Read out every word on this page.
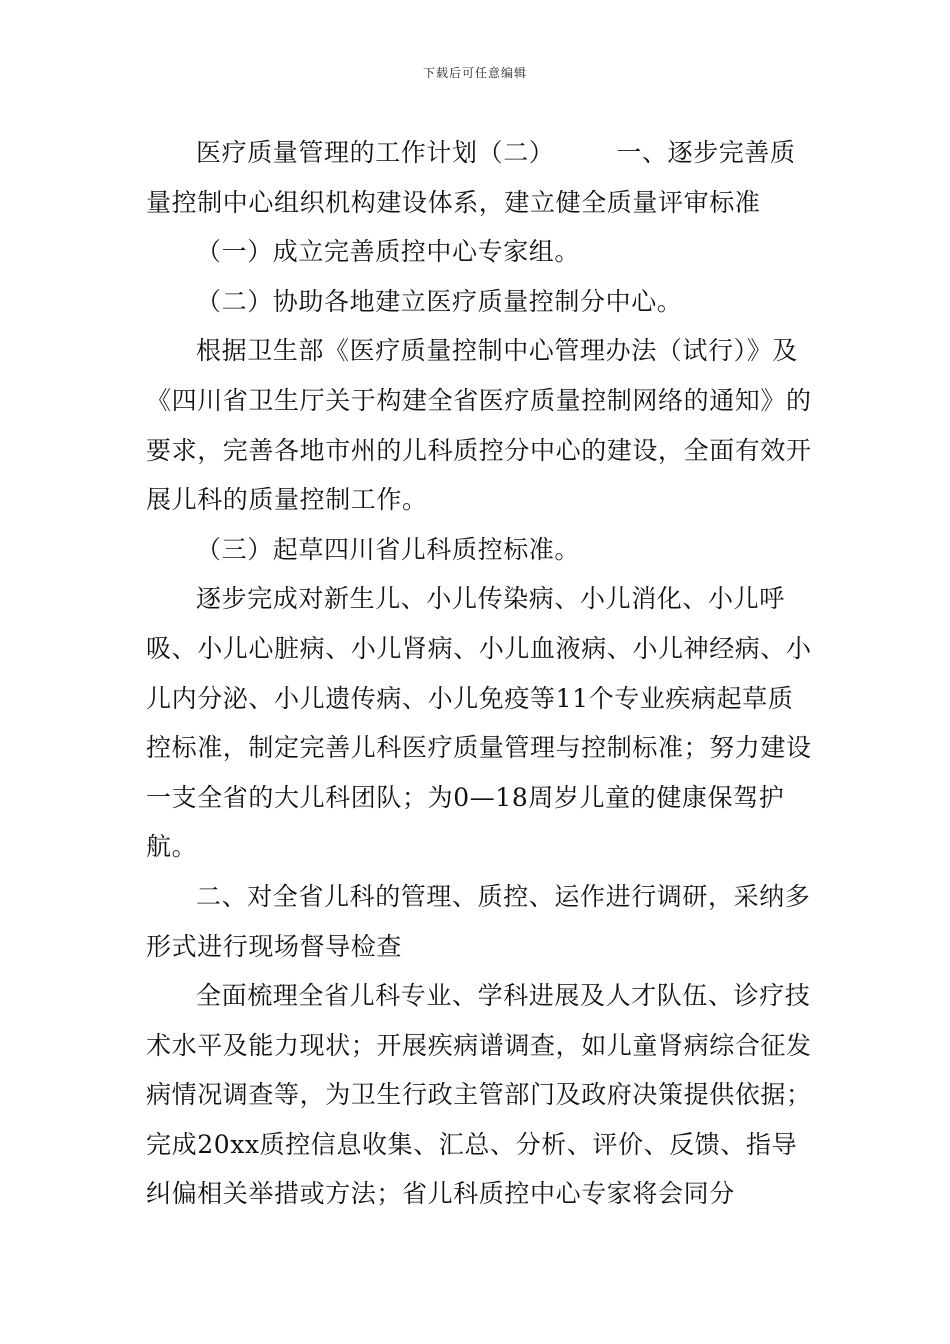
下载后可任意编辑

医疗质量管理的工作计划（二） 一、逐步完善质量控制中心组织机构建设体系，建立健全质量评审标准

（一）成立完善质控中心专家组。

（二）协助各地建立医疗质量控制分中心。

根据卫生部《医疗质量控制中心管理办法（试行）》及《四川省卫生厅关于构建全省医疗质量控制网络的通知》的要求，完善各地市州的儿科质控分中心的建设，全面有效开展儿科的质量控制工作。

（三）起草四川省儿科质控标准。

逐步完成对新生儿、小儿传染病、小儿消化、小儿呼吸、小儿心脏病、小儿肾病、小儿血液病、小儿神经病、小儿内分泌、小儿遗传病、小儿免疫等11个专业疾病起草质控标准，制定完善儿科医疗质量管理与控制标准；努力建设一支全省的大儿科团队；为0—18周岁儿童的健康保驾护航。

二、对全省儿科的管理、质控、运作进行调研，采纳多形式进行现场督导检查

全面梳理全省儿科专业、学科进展及人才队伍、诊疗技术水平及能力现状；开展疾病谱调查，如儿童肾病综合征发病情况调查等，为卫生行政主管部门及政府决策提供依据；完成20xx质控信息收集、汇总、分析、评价、反馈、指导纠偏相关举措或方法；省儿科质控中心专家将会同分
